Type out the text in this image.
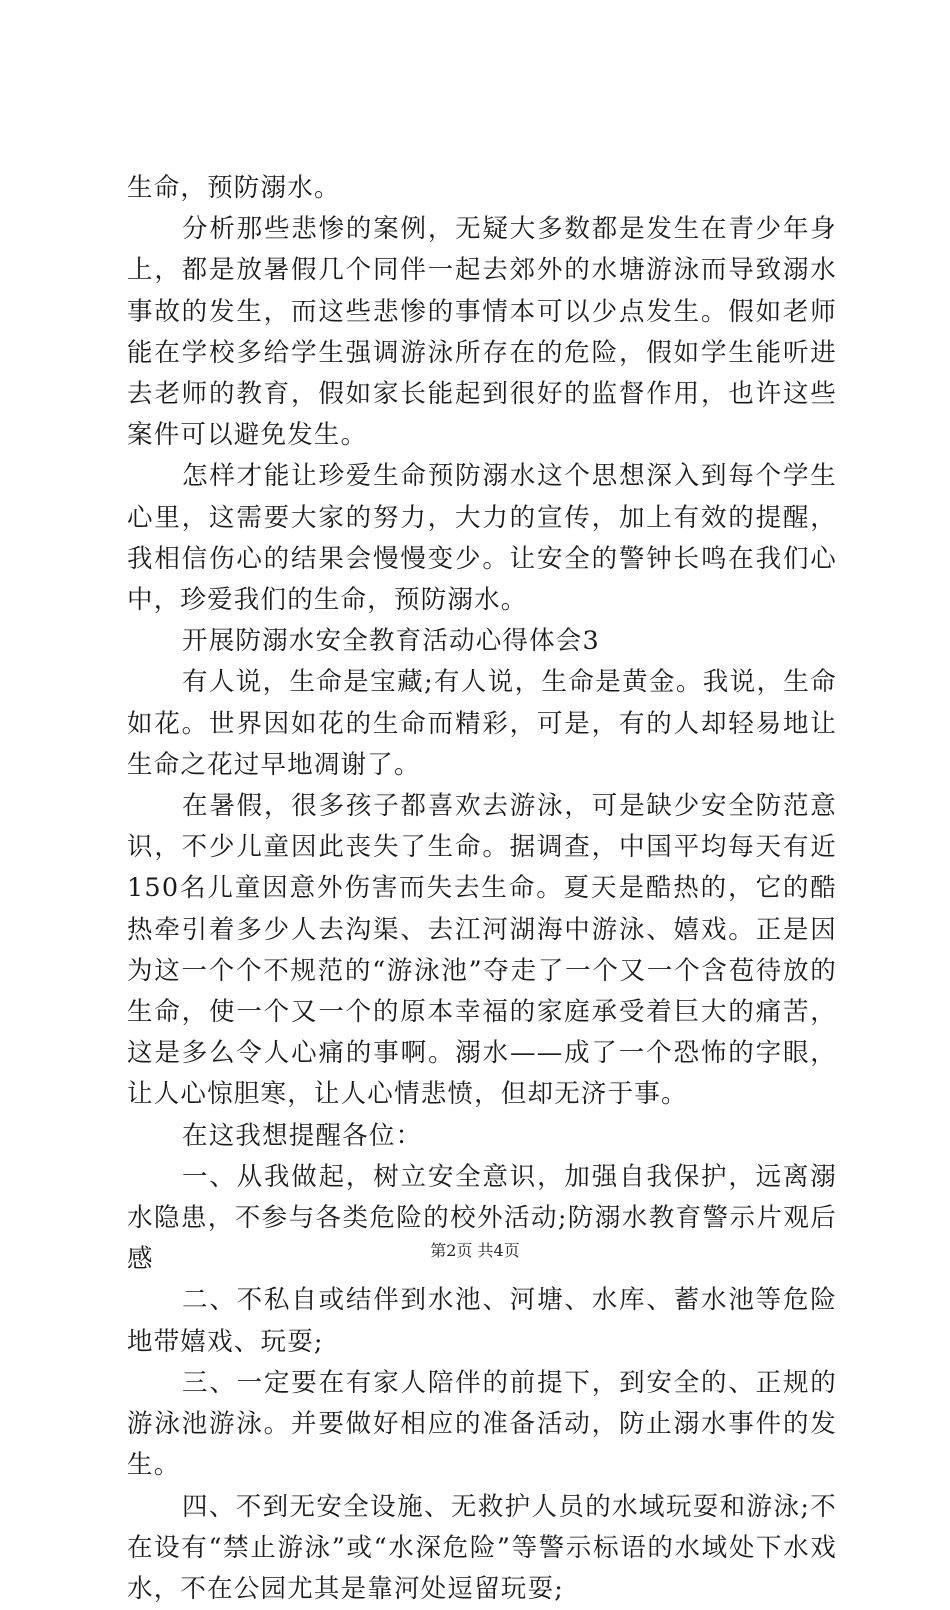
生命，预防溺水。

分析那些悲惨的案例，无疑大多数都是发生在青少年身上，都是放暑假几个同伴一起去郊外的水塘游泳而导致溺水事故的发生，而这些悲惨的事情本可以少点发生。假如老师能在学校多给学生强调游泳所存在的危险，假如学生能听进去老师的教育，假如家长能起到很好的监督作用，也许这些案件可以避免发生。

怎样才能让珍爱生命预防溺水这个思想深入到每个学生心里，这需要大家的努力，大力的宣传，加上有效的提醒，我相信伤心的结果会慢慢变少。让安全的警钟长鸣在我们心中，珍爱我们的生命，预防溺水。

开展防溺水安全教育活动心得体会3

有人说，生命是宝藏;有人说，生命是黄金。我说，生命如花。世界因如花的生命而精彩，可是，有的人却轻易地让生命之花过早地凋谢了。

在暑假，很多孩子都喜欢去游泳，可是缺少安全防范意识，不少儿童因此丧失了生命。据调查，中国平均每天有近150名儿童因意外伤害而失去生命。夏天是酷热的，它的酷热牵引着多少人去沟渠、去江河湖海中游泳、嬉戏。正是因为这一个个不规范的“游泳池”夺走了一个又一个含苞待放的生命，使一个又一个的原本幸福的家庭承受着巨大的痛苦，这是多么令人心痛的事啊。溺水——成了一个恐怖的字眼，让人心惊胆寒，让人心情悲愤，但却无济于事。

在这我想提醒各位：

一、从我做起，树立安全意识，加强自我保护，远离溺水隐患，不参与各类危险的校外活动;防溺水教育警示片观后感

二、不私自或结伴到水池、河塘、水库、蓄水池等危险地带嬉戏、玩耍;

三、一定要在有家人陪伴的前提下，到安全的、正规的游泳池游泳。并要做好相应的准备活动，防止溺水事件的发生。

四、不到无安全设施、无救护人员的水域玩耍和游泳;不在设有“禁止游泳”或“水深危险”等警示标语的水域处下水戏水，不在公园尤其是靠河处逗留玩耍;

第2页 共4页
